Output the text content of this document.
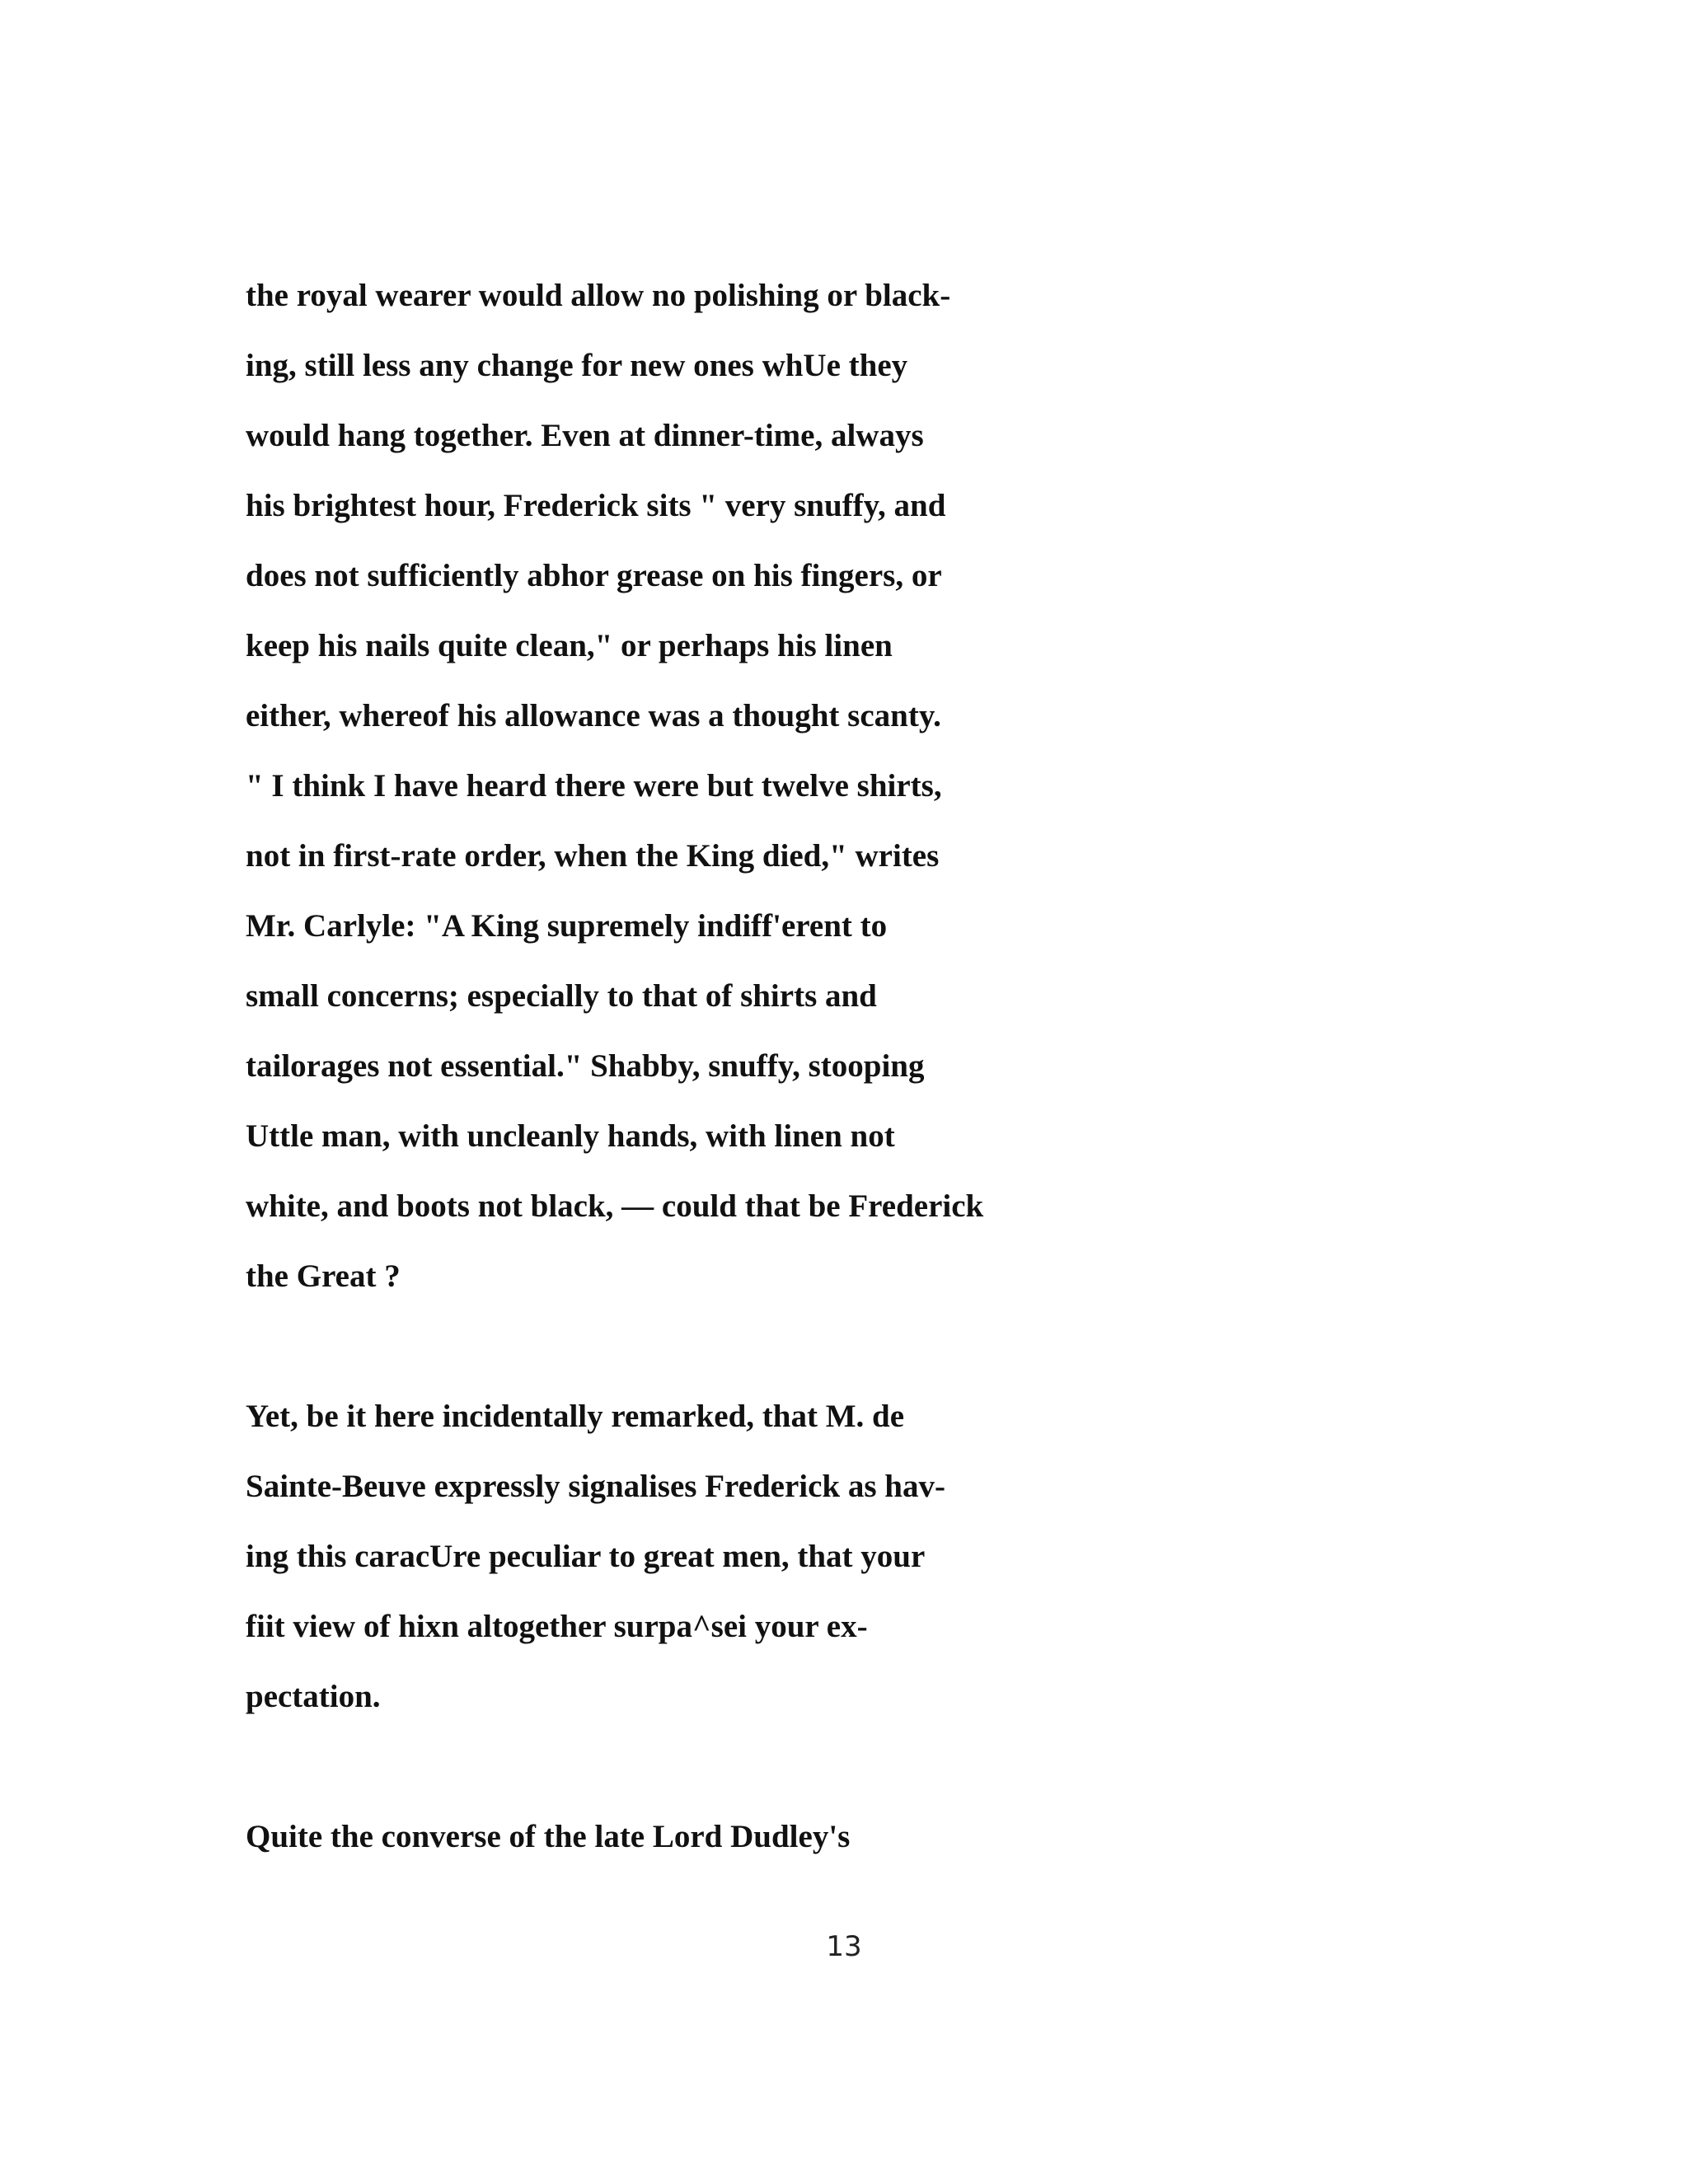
the royal wearer would allow no polishing or black-
ing, still less any change for new ones whUe they
would hang together. Even at dinner-time, always
his brightest hour, Frederick sits " very snuffy, and
does not sufficiently abhor grease on his fingers, or
keep his nails quite clean," or perhaps his linen
either, whereof his allowance was a thought scanty.
" I think I have heard there were but twelve shirts,
not in first-rate order, when the King died," writes
Mr. Carlyle: "A King supremely indiff'erent to
small concerns; especially to that of shirts and
tailorages not essential." Shabby, snuffy, stooping
Uttle man, with uncleanly hands, with linen not
white, and boots not black, — could that be Frederick
the Great ?
Yet, be it here incidentally remarked, that M. de
Sainte-Beuve expressly signalises Frederick as hav-
ing this caracUre peculiar to great men, that your
fiit view of hixn altogether surpa^sei your ex-
pectation.
Quite the converse of the late Lord Dudley's
13
